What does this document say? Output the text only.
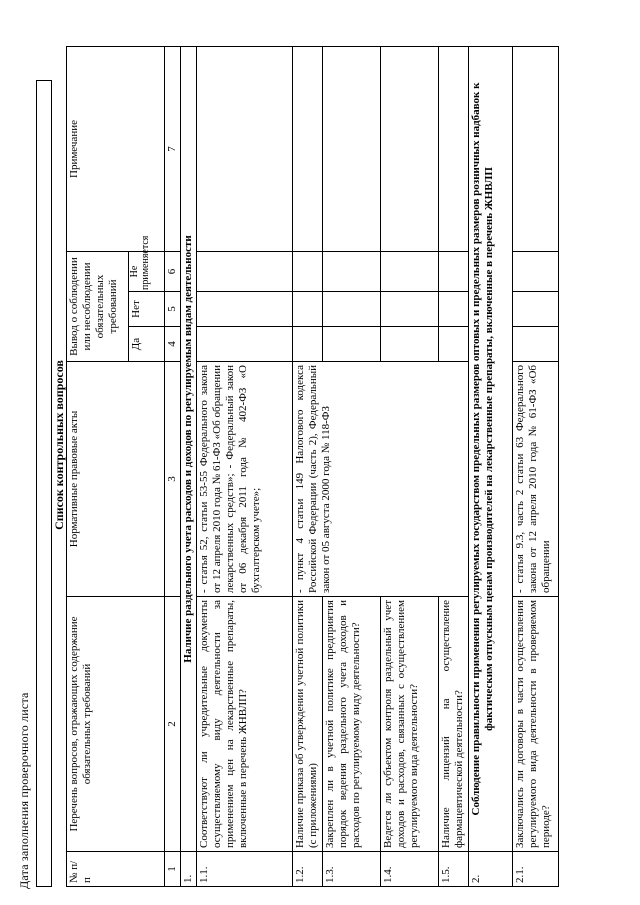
Дата заполнения проверочного листа
Список контрольных вопросов
№ п/п	Перечень вопросов, отражающих содержание обязательных требований	Нормативные правовые акты	Вывод о соблюдении или несоблюдении обязательных требований			Примечание
			Да	Нет	Не применяется	
1	2	3	4	5	6	7
1.	Наличие раздельного учета расходов и доходов по регулируемым видам деятельности					
1.1.	Соответствуют ли учредительные документы осуществляемому виду деятельности за применением цен на лекарственные препараты, включенные в перечень ЖНВЛП?	- статья 52, статьи 53-55 Федерального закона от 12 апреля 2010 года № 61-ФЗ «Об обращении лекарственных средств»; - Федеральный закон от 06 декабря 2011 года № 402-ФЗ «О бухгалтерском учете»;				
1.2.	Наличие приказа об утверждении учетной политики (с приложениями)	- пункт 4 статьи 149 Налогового кодекса Российской Федерации (часть 2), Федеральный закон от 05 августа 2000 года № 118-ФЗ				
1.3.	Закреплен ли в учетной политике предприятия порядок ведения раздельного учета доходов и расходов по регулируемому виду деятельности?					
1.4.	Ведется ли субъектом контроля раздельный учет доходов и расходов, связанных с осуществлением регулируемого вида деятельности?					
1.5.	Наличие лицензий на осуществление фармацевтической деятельности?					
2.	Соблюдение правильности применения регулируемых государством предельных размеров оптовых и предельных размеров розничных надбавок к фактическим отпускным ценам производителей на лекарственные препараты, включенные в перечень ЖНВЛП					
2.1.	Заключались ли договоры в части осуществления регулируемого вида деятельности в проверяемом периоде?	- статья 9.3, часть 2 статьи 63 Федерального закона от 12 апреля 2010 года № 61-ФЗ «Об обращении				
